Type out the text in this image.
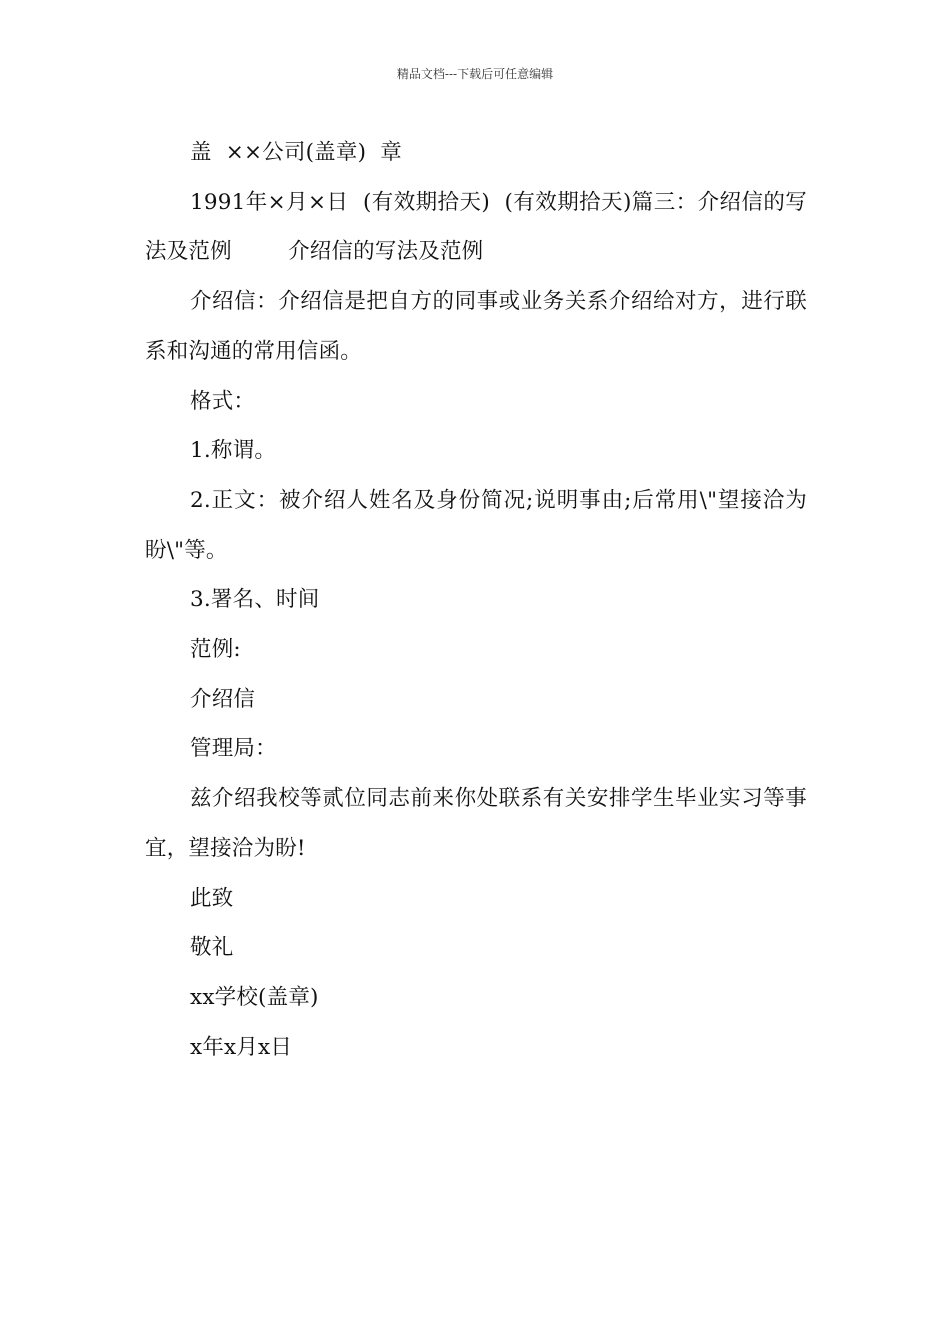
精品文档---下载后可任意编辑

盖  ××公司(盖章)  章

1991年×月×日  (有效期拾天)  (有效期拾天)篇三：介绍信的写法及范例        介绍信的写法及范例

介绍信：介绍信是把自方的同事或业务关系介绍给对方，进行联系和沟通的常用信函。

格式：

1.称谓。

2.正文：被介绍人姓名及身份简况;说明事由;后常用\"望接洽为盼\"等。

3.署名、时间

范例:

介绍信

管理局：

兹介绍我校等贰位同志前来你处联系有关安排学生毕业实习等事宜，望接洽为盼!

此致

敬礼

xx学校(盖章)

x年x月x日
